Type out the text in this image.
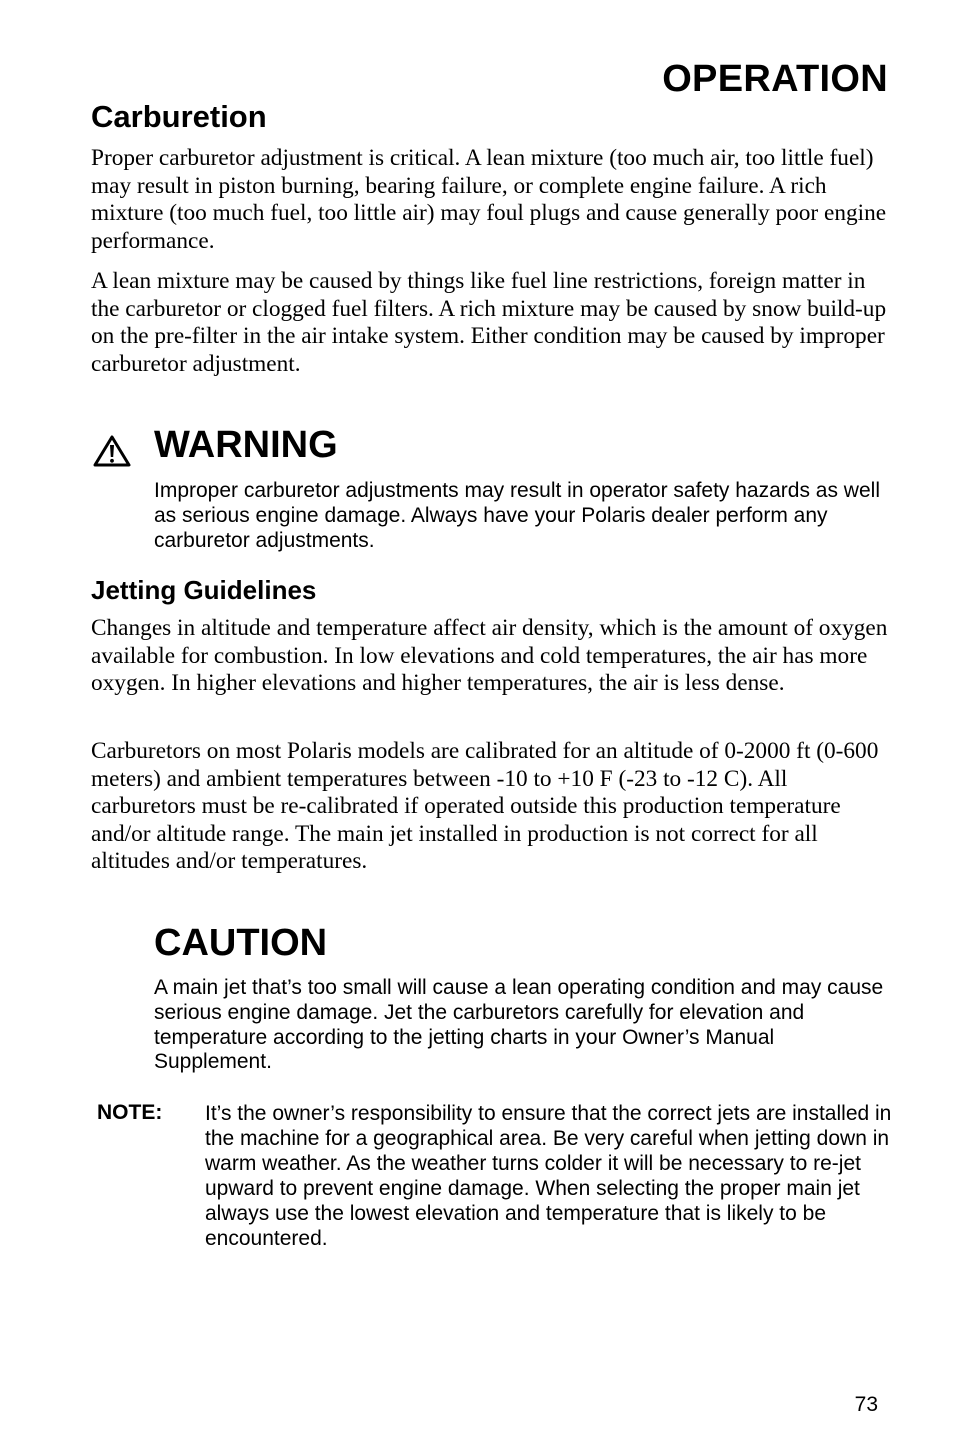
OPERATION
Carburetion

Proper carburetor adjustment is critical. A lean mixture (too much air, too little fuel) may result in piston burning, bearing failure, or complete engine failure. A rich mixture (too much fuel, too little air) may foul plugs and cause generally poor engine performance.

A lean mixture may be caused by things like fuel line restrictions, foreign matter in the carburetor or clogged fuel filters. A rich mixture may be caused by snow build-up on the pre-filter in the air intake system. Either condition may be caused by improper carburetor adjustment.

WARNING

Improper carburetor adjustments may result in operator safety hazards as well as serious engine damage. Always have your Polaris dealer perform any carburetor adjustments.

Jetting Guidelines

Changes in altitude and temperature affect air density, which is the amount of oxygen available for combustion. In low elevations and cold temperatures, the air has more oxygen. In higher elevations and higher temperatures, the air is less dense.

Carburetors on most Polaris models are calibrated for an altitude of 0-2000 ft (0-600 meters) and ambient temperatures between -10 to +10 F (-23 to -12 C). All carburetors must be re-calibrated if operated outside this production temperature and/or altitude range. The main jet installed in production is not correct for all altitudes and/or temperatures.

CAUTION

A main jet that’s too small will cause a lean operating condition and may cause serious engine damage. Jet the carburetors carefully for elevation and temperature according to the jetting charts in your Owner’s Manual Supplement.

NOTE: It’s the owner’s responsibility to ensure that the correct jets are installed in the machine for a geographical area. Be very careful when jetting down in warm weather. As the weather turns colder it will be necessary to re-jet upward to prevent engine damage. When selecting the proper main jet always use the lowest elevation and temperature that is likely to be encountered.

73
